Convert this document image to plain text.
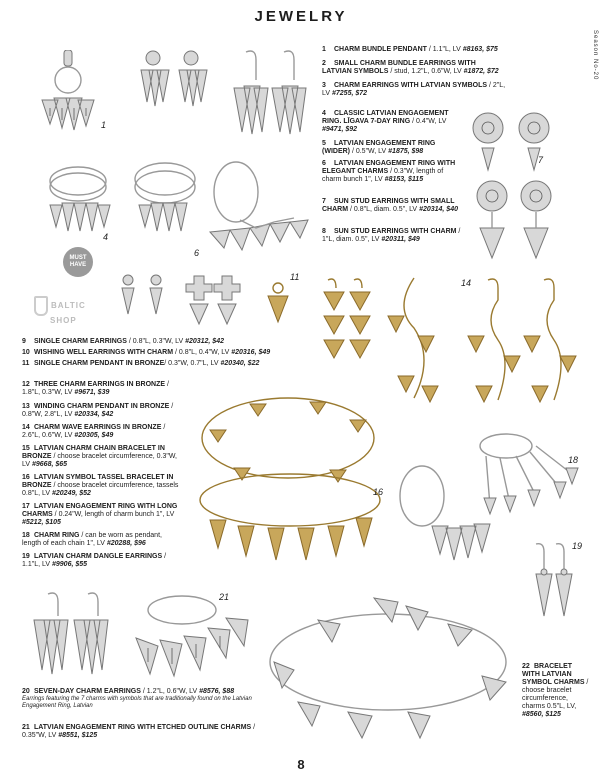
JEWELRY
Season No-20
1
4
MUST HAVE
6
7
BALTIC
SHOP
11
14
16
18
19
21
1 CHARM BUNDLE PENDANT / 1.1"L, LV #8163, $75
2 SMALL CHARM BUNDLE EARRINGS WITH LATVIAN SYMBOLS / stud, 1.2"L, 0.6"W, LV #1872, $72
3 CHARM EARRINGS WITH LATVIAN SYMBOLS / 2"L, LV #7255, $72
4 CLASSIC LATVIAN ENGAGEMENT RING. LĪGAVA 7-DAY RING / 0.4"W, LV #9471, $92
5 LATVIAN ENGAGEMENT RING (WIDER) / 0.5"W, LV #1875, $98
6 LATVIAN ENGAGEMENT RING WITH ELEGANT CHARMS / 0.3"W, length of charm bunch 1", LV #8153, $115
7 SUN STUD EARRINGS WITH SMALL CHARM / 0.8"L, diam. 0.5", LV #20314, $40
8 SUN STUD EARRINGS WITH CHARM / 1"L, diam. 0.5", LV #20311, $49
9 SINGLE CHARM EARRINGS / 0.8"L, 0.3"W, LV #20312, $42
10 WISHING WELL EARRINGS WITH CHARM / 0.8"L, 0.4"W, LV #20316, $49
11 SINGLE CHARM PENDANT IN BRONZE/ 0.3"W, 0.7"L, LV #20340, $22
12 THREE CHARM EARRINGS IN BRONZE / 1.8"L, 0.3"W, LV #9671, $39
13 WINDING CHARM PENDANT IN BRONZE / 0.8"W, 2.8"L, LV #20334, $42
14 CHARM WAVE EARRINGS IN BRONZE / 2.6"L, 0.6"W, LV #20305, $49
15 LATVIAN CHARM CHAIN BRACELET IN BRONZE / choose bracelet circumference, 0.3"W, LV #9668, $65
16 LATVIAN SYMBOL TASSEL BRACELET IN BRONZE / choose bracelet circumference, tassels 0.8"L, LV #20249, $52
17 LATVIAN ENGAGEMENT RING WITH LONG CHARMS / 0.24"W, length of charm bunch 1", LV #5212, $105
18 CHARM RING / can be worn as pendant, length of each chain 1", LV #20288, $96
19 LATVIAN CHARM DANGLE EARRINGS / 1.1"L, LV #9906, $55
20 SEVEN-DAY CHARM EARRINGS / 1.2"L, 0.6"W, LV #8576, $88
Earrings featuring the 7 charms with symbols that are traditionally found on the Latvian Engagement Ring, Latvian
21 LATVIAN ENGAGEMENT RING WITH ETCHED OUTLINE CHARMS / 0.35"W, LV #8551, $125
22 BRACELET WITH LATVIAN SYMBOL CHARMS / choose bracelet circumference, charms 0.5"L, LV, #8560, $125
8
